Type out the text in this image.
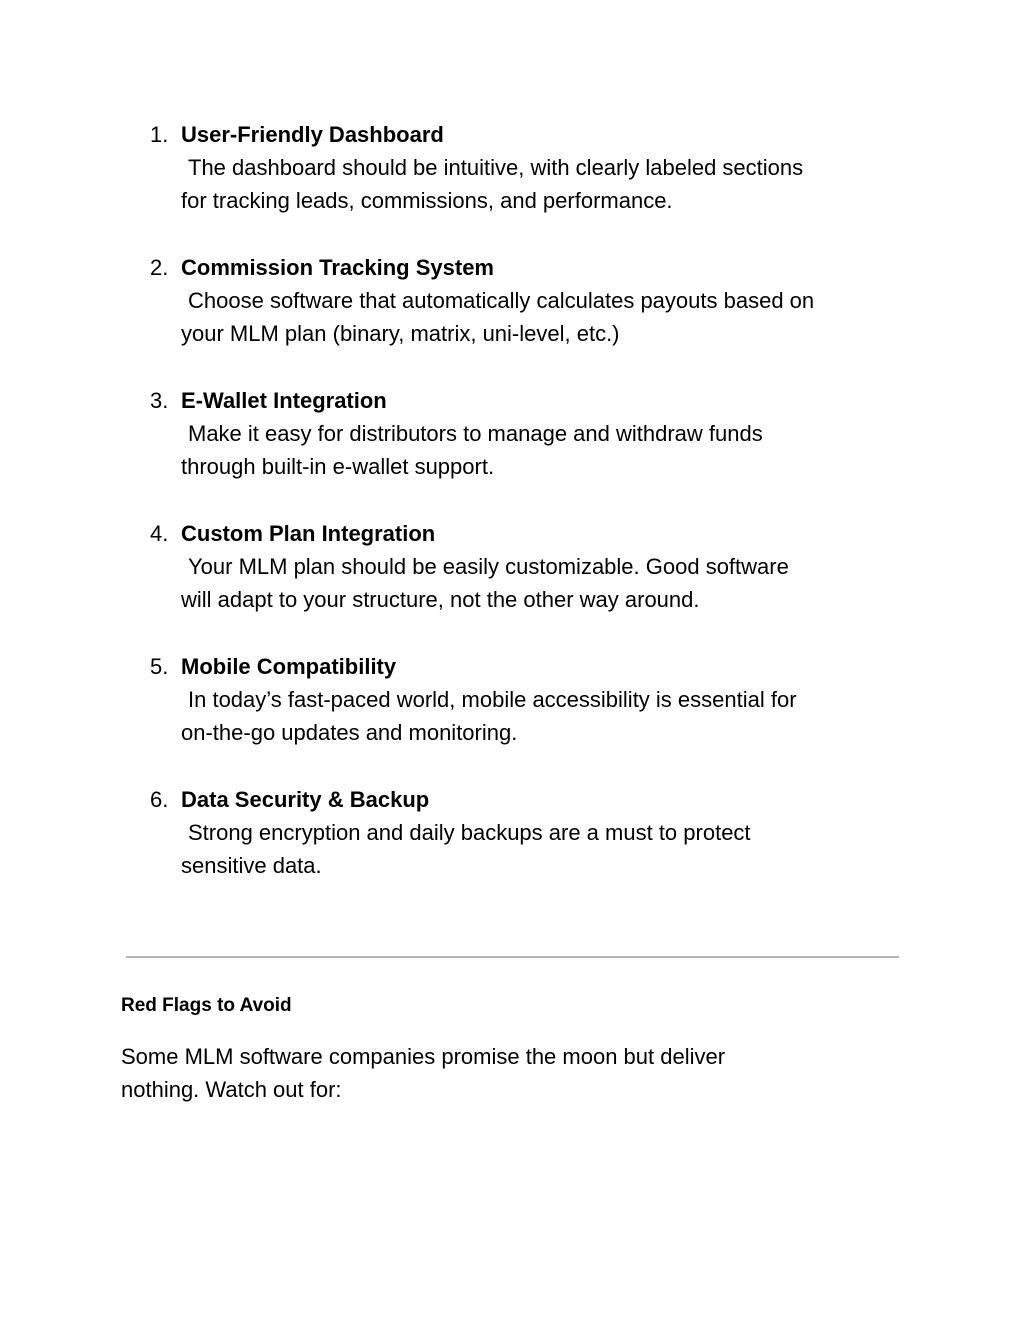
1. User-Friendly Dashboard
The dashboard should be intuitive, with clearly labeled sections
for tracking leads, commissions, and performance.
2. Commission Tracking System
Choose software that automatically calculates payouts based on
your MLM plan (binary, matrix, uni-level, etc.)
3. E-Wallet Integration
Make it easy for distributors to manage and withdraw funds
through built-in e-wallet support.
4. Custom Plan Integration
Your MLM plan should be easily customizable. Good software
will adapt to your structure, not the other way around.
5. Mobile Compatibility
In today’s fast-paced world, mobile accessibility is essential for
on-the-go updates and monitoring.
6. Data Security & Backup
Strong encryption and daily backups are a must to protect
sensitive data.
Red Flags to Avoid

Some MLM software companies promise the moon but deliver
nothing. Watch out for:
